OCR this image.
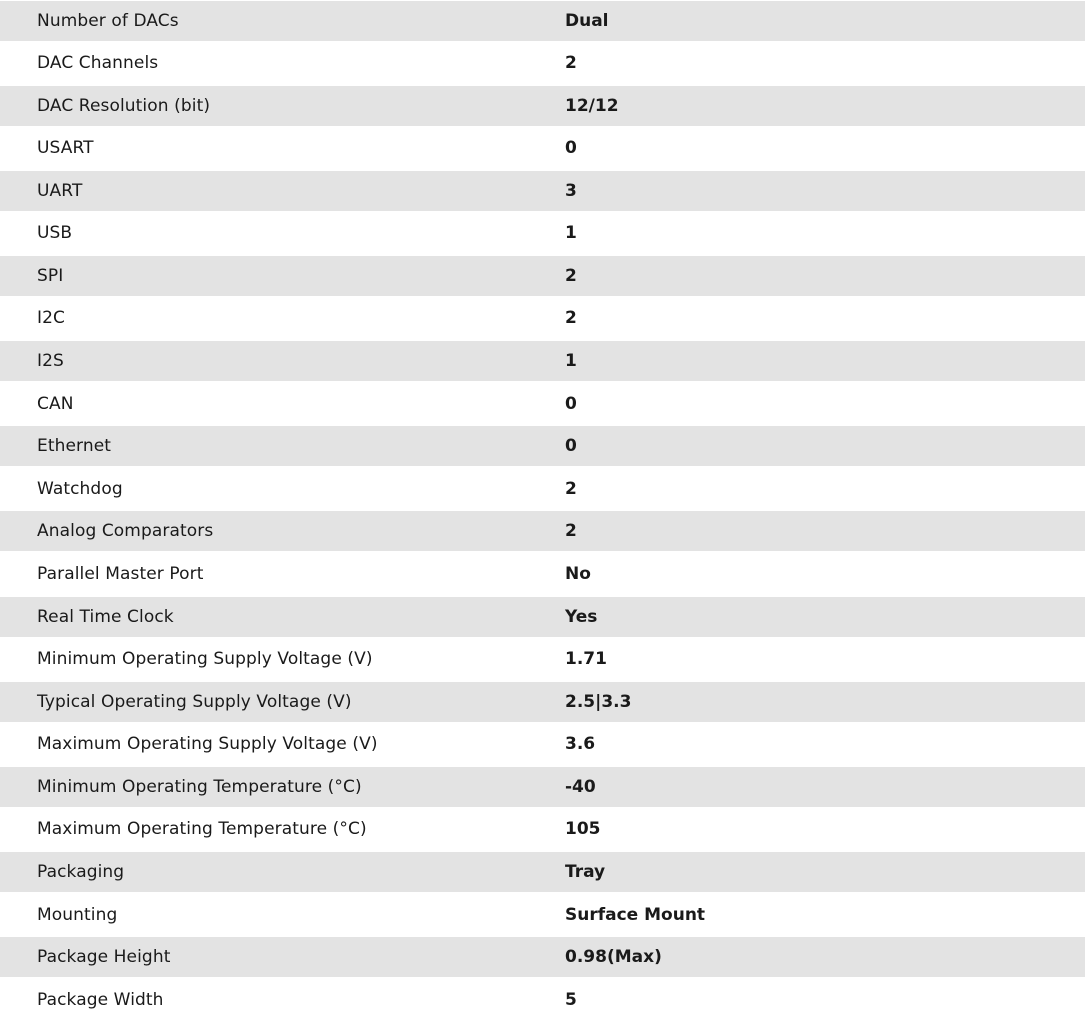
Number of DACs	Dual
DAC Channels	2
DAC Resolution (bit)	12/12
USART	0
UART	3
USB	1
SPI	2
I2C	2
I2S	1
CAN	0
Ethernet	0
Watchdog	2
Analog Comparators	2
Parallel Master Port	No
Real Time Clock	Yes
Minimum Operating Supply Voltage (V)	1.71
Typical Operating Supply Voltage (V)	2.5|3.3
Maximum Operating Supply Voltage (V)	3.6
Minimum Operating Temperature (°C)	-40
Maximum Operating Temperature (°C)	105
Packaging	Tray
Mounting	Surface Mount
Package Height	0.98(Max)
Package Width	5
